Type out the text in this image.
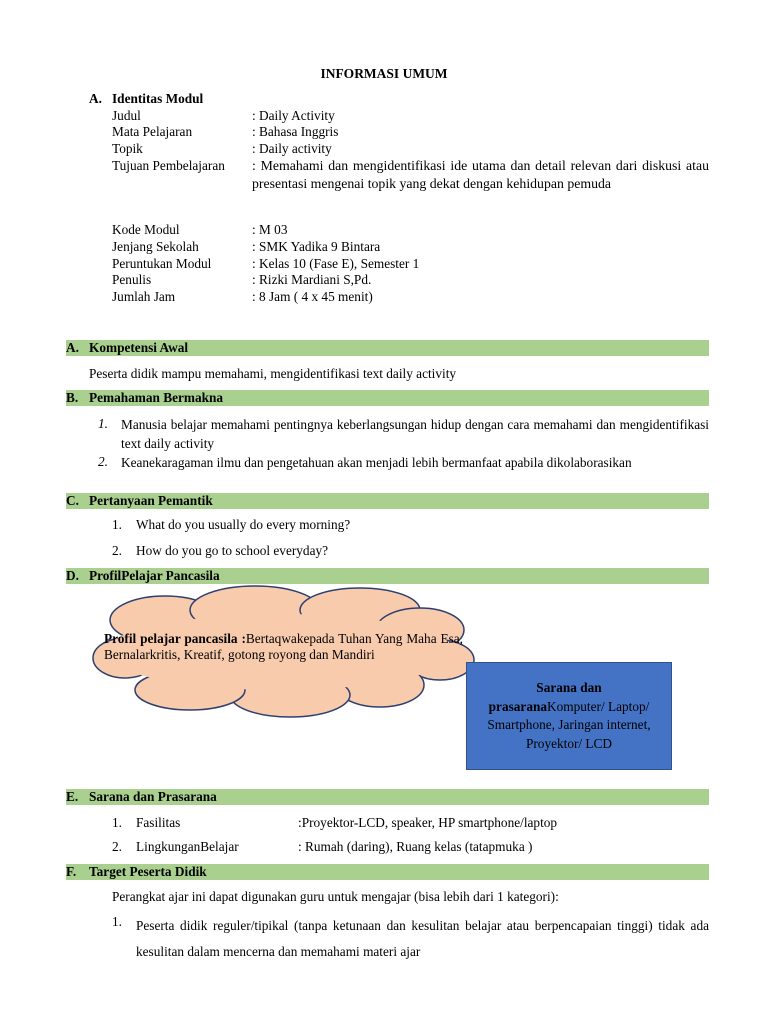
INFORMASI UMUM
A. Identitas Modul
Judul	: Daily Activity
Mata Pelajaran	: Bahasa Inggris
Topik	: Daily activity
Tujuan Pembelajaran : Memahami dan mengidentifikasi ide utama dan detail relevan dari diskusi atau presentasi mengenai topik yang dekat dengan kehidupan pemuda
Kode Modul	: M 03
Jenjang Sekolah	: SMK Yadika 9 Bintara
Peruntukan Modul	: Kelas 10 (Fase E), Semester 1
Penulis	: Rizki Mardiani S,Pd.
Jumlah Jam	: 8 Jam ( 4 x 45 menit)
A. Kompetensi Awal
Peserta didik mampu memahami, mengidentifikasi text daily activity
B. Pemahaman Bermakna
1. Manusia belajar memahami pentingnya keberlangsungan hidup dengan cara memahami dan mengidentifikasi text daily activity
2. Keanekaragaman ilmu dan pengetahuan akan menjadi lebih bermanfaat apabila dikolaborasikan
C. Pertanyaan Pemantik
1. What do you usually do every morning?
2. How do you go to school everyday?
D. ProfilPelajar Pancasila
Profil pelajar pancasila :Bertaqwakepada Tuhan Yang Maha Esa, Bernalarkritis, Kreatif, gotong royong dan Mandiri
Sarana dan
prasaranaKomputer/ Laptop/ Smartphone, Jaringan internet, Proyektor/ LCD
E. Sarana dan Prasarana
1. Fasilitas	:Proyektor-LCD, speaker, HP smartphone/laptop
2. LingkunganBelajar	: Rumah (daring), Ruang kelas (tatapmuka )
F. Target Peserta Didik
Perangkat ajar ini dapat digunakan guru untuk mengajar (bisa lebih dari 1 kategori):
1. Peserta didik reguler/tipikal (tanpa ketunaan dan kesulitan belajar atau berpencapaian tinggi) tidak ada kesulitan dalam mencerna dan memahami materi ajar
